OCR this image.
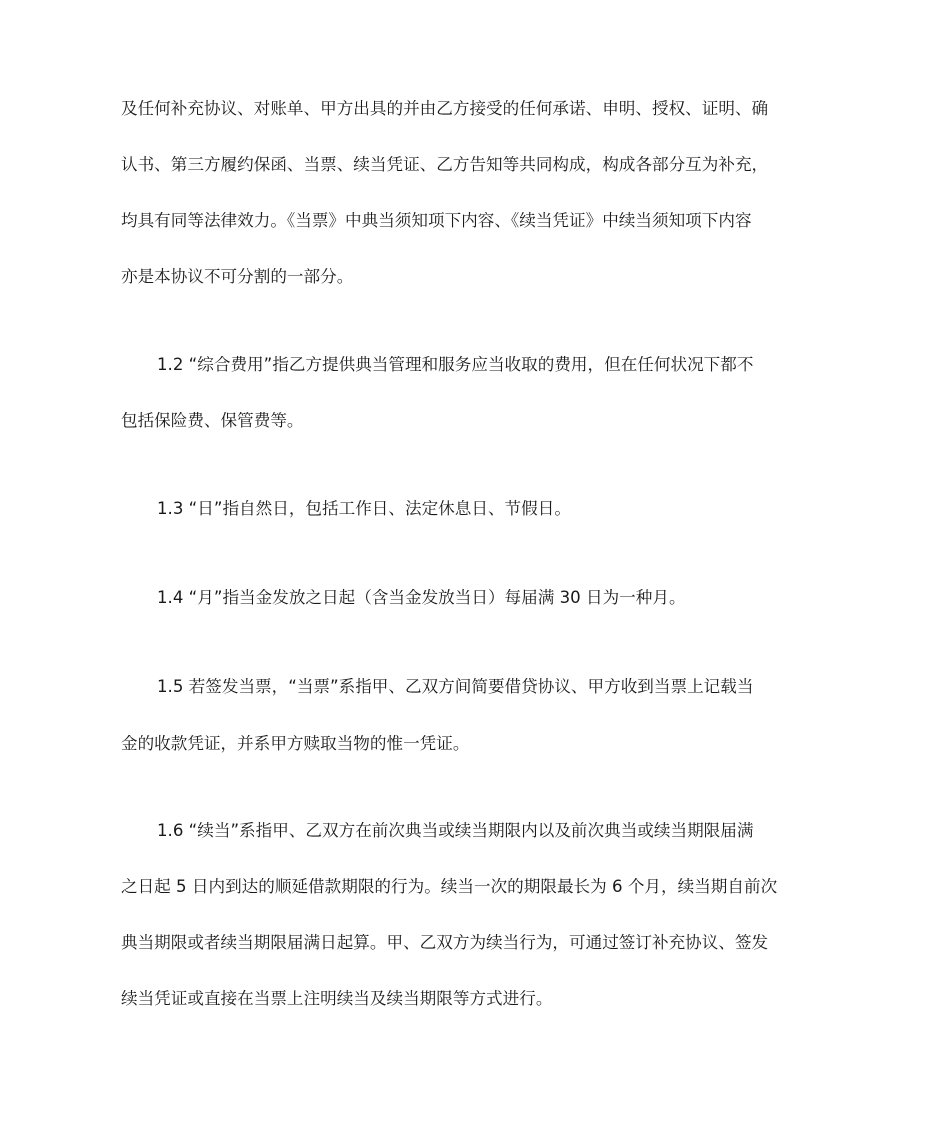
及任何补充协议、对账单、甲方出具的并由乙方接受的任何承诺、申明、授权、证明、确

认书、第三方履约保函、当票、续当凭证、乙方告知等共同构成，构成各部分互为补充，

均具有同等法律效力。《当票》中典当须知项下内容、《续当凭证》中续当须知项下内容

亦是本协议不可分割的一部分。

1.2 “综合费用”指乙方提供典当管理和服务应当收取的费用，但在任何状况下都不

包括保险费、保管费等。

1.3 “日”指自然日，包括工作日、法定休息日、节假日。

1.4 “月”指当金发放之日起（含当金发放当日）每届满 30 日为一种月。

1.5 若签发当票，“当票”系指甲、乙双方间简要借贷协议、甲方收到当票上记载当

金的收款凭证，并系甲方赎取当物的惟一凭证。

1.6 “续当”系指甲、乙双方在前次典当或续当期限内以及前次典当或续当期限届满

之日起 5 日内到达的顺延借款期限的行为。续当一次的期限最长为 6 个月，续当期自前次

典当期限或者续当期限届满日起算。甲、乙双方为续当行为，可通过签订补充协议、签发

续当凭证或直接在当票上注明续当及续当期限等方式进行。
